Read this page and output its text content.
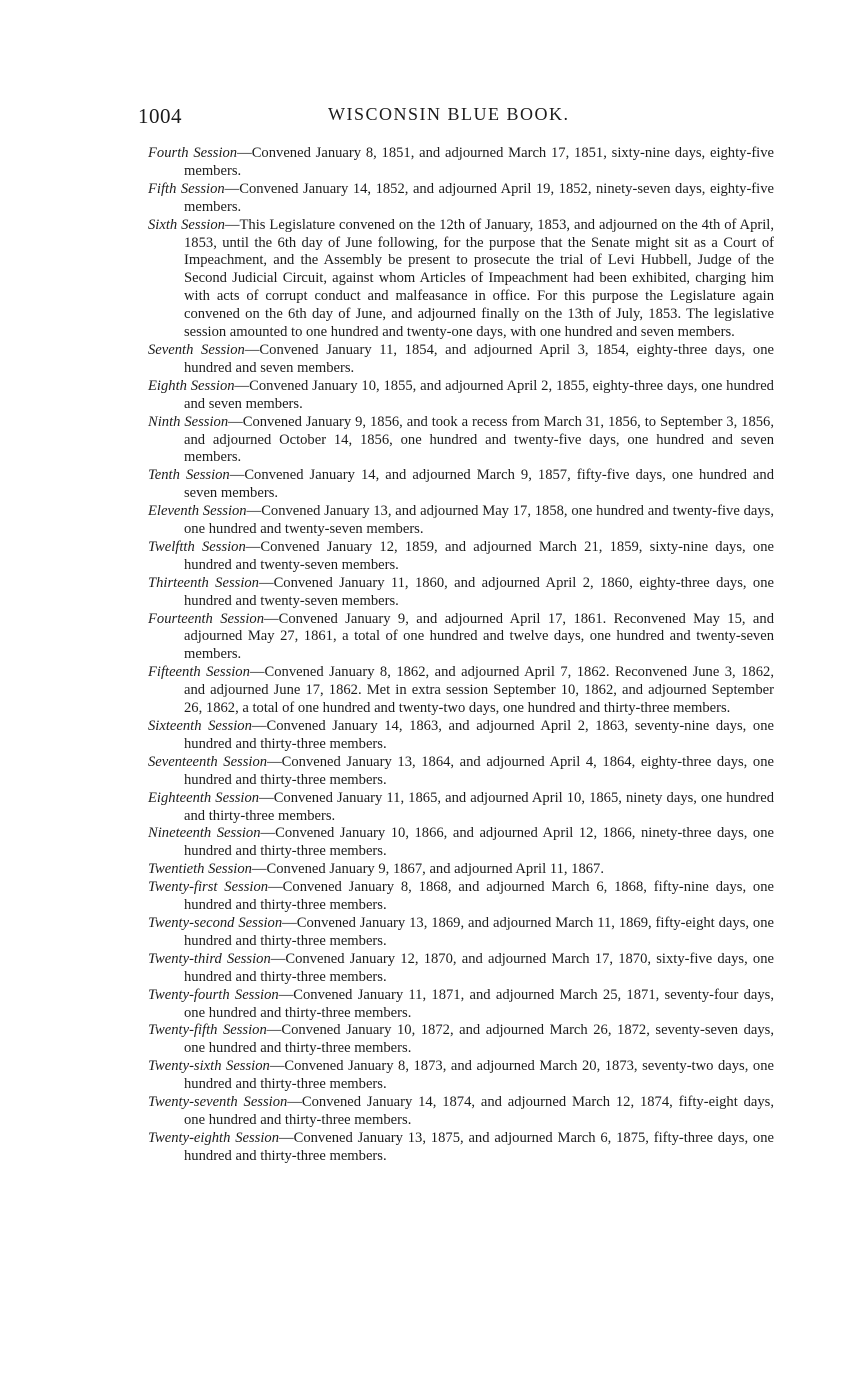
1004	WISCONSIN BLUE BOOK.
Fourth Session—Convened January 8, 1851, and adjourned March 17, 1851, sixty-nine days, eighty-five members.
Fifth Session—Convened January 14, 1852, and adjourned April 19, 1852, ninety-seven days, eighty-five members.
Sixth Session—This Legislature convened on the 12th of January, 1853, and adjourned on the 4th of April, 1853, until the 6th day of June following, for the purpose that the Senate might sit as a Court of Impeachment, and the Assembly be present to prosecute the trial of Levi Hubbell, Judge of the Second Judicial Circuit, against whom Articles of Impeachment had been exhibited, charging him with acts of corrupt conduct and malfeasance in office. For this purpose the Legislature again convened on the 6th day of June, and adjourned finally on the 13th of July, 1853. The legislative session amounted to one hundred and twenty-one days, with one hundred and seven members.
Seventh Session—Convened January 11, 1854, and adjourned April 3, 1854, eighty-three days, one hundred and seven members.
Eighth Session—Convened January 10, 1855, and adjourned April 2, 1855, eighty-three days, one hundred and seven members.
Ninth Session—Convened January 9, 1856, and took a recess from March 31, 1856, to September 3, 1856, and adjourned October 14, 1856, one hundred and twenty-five days, one hundred and seven members.
Tenth Session—Convened January 14, and adjourned March 9, 1857, fifty-five days, one hundred and seven members.
Eleventh Session—Convened January 13, and adjourned May 17, 1858, one hundred and twenty-five days, one hundred and twenty-seven members.
Twelftth Session—Convened January 12, 1859, and adjourned March 21, 1859, sixty-nine days, one hundred and twenty-seven members.
Thirteenth Session—Convened January 11, 1860, and adjourned April 2, 1860, eighty-three days, one hundred and twenty-seven members.
Fourteenth Session—Convened January 9, and adjourned April 17, 1861. Reconvened May 15, and adjourned May 27, 1861, a total of one hundred and twelve days, one hundred and twenty-seven members.
Fifteenth Session—Convened January 8, 1862, and adjourned April 7, 1862. Reconvened June 3, 1862, and adjourned June 17, 1862. Met in extra session September 10, 1862, and adjourned September 26, 1862, a total of one hundred and twenty-two days, one hundred and thirty-three members.
Sixteenth Session—Convened January 14, 1863, and adjourned April 2, 1863, seventy-nine days, one hundred and thirty-three members.
Seventeenth Session—Convened January 13, 1864, and adjourned April 4, 1864, eighty-three days, one hundred and thirty-three members.
Eighteenth Session—Convened January 11, 1865, and adjourned April 10, 1865, ninety days, one hundred and thirty-three members.
Nineteenth Session—Convened January 10, 1866, and adjourned April 12, 1866, ninety-three days, one hundred and thirty-three members.
Twentieth Session—Convened January 9, 1867, and adjourned April 11, 1867.
Twenty-first Session—Convened January 8, 1868, and adjourned March 6, 1868, fifty-nine days, one hundred and thirty-three members.
Twenty-second Session—Convened January 13, 1869, and adjourned March 11, 1869, fifty-eight days, one hundred and thirty-three members.
Twenty-third Session—Convened January 12, 1870, and adjourned March 17, 1870, sixty-five days, one hundred and thirty-three members.
Twenty-fourth Session—Convened January 11, 1871, and adjourned March 25, 1871, seventy-four days, one hundred and thirty-three members.
Twenty-fifth Session—Convened January 10, 1872, and adjourned March 26, 1872, seventy-seven days, one hundred and thirty-three members.
Twenty-sixth Session—Convened January 8, 1873, and adjourned March 20, 1873, seventy-two days, one hundred and thirty-three members.
Twenty-seventh Session—Convened January 14, 1874, and adjourned March 12, 1874, fifty-eight days, one hundred and thirty-three members.
Twenty-eighth Session—Convened January 13, 1875, and adjourned March 6, 1875, fifty-three days, one hundred and thirty-three members.
